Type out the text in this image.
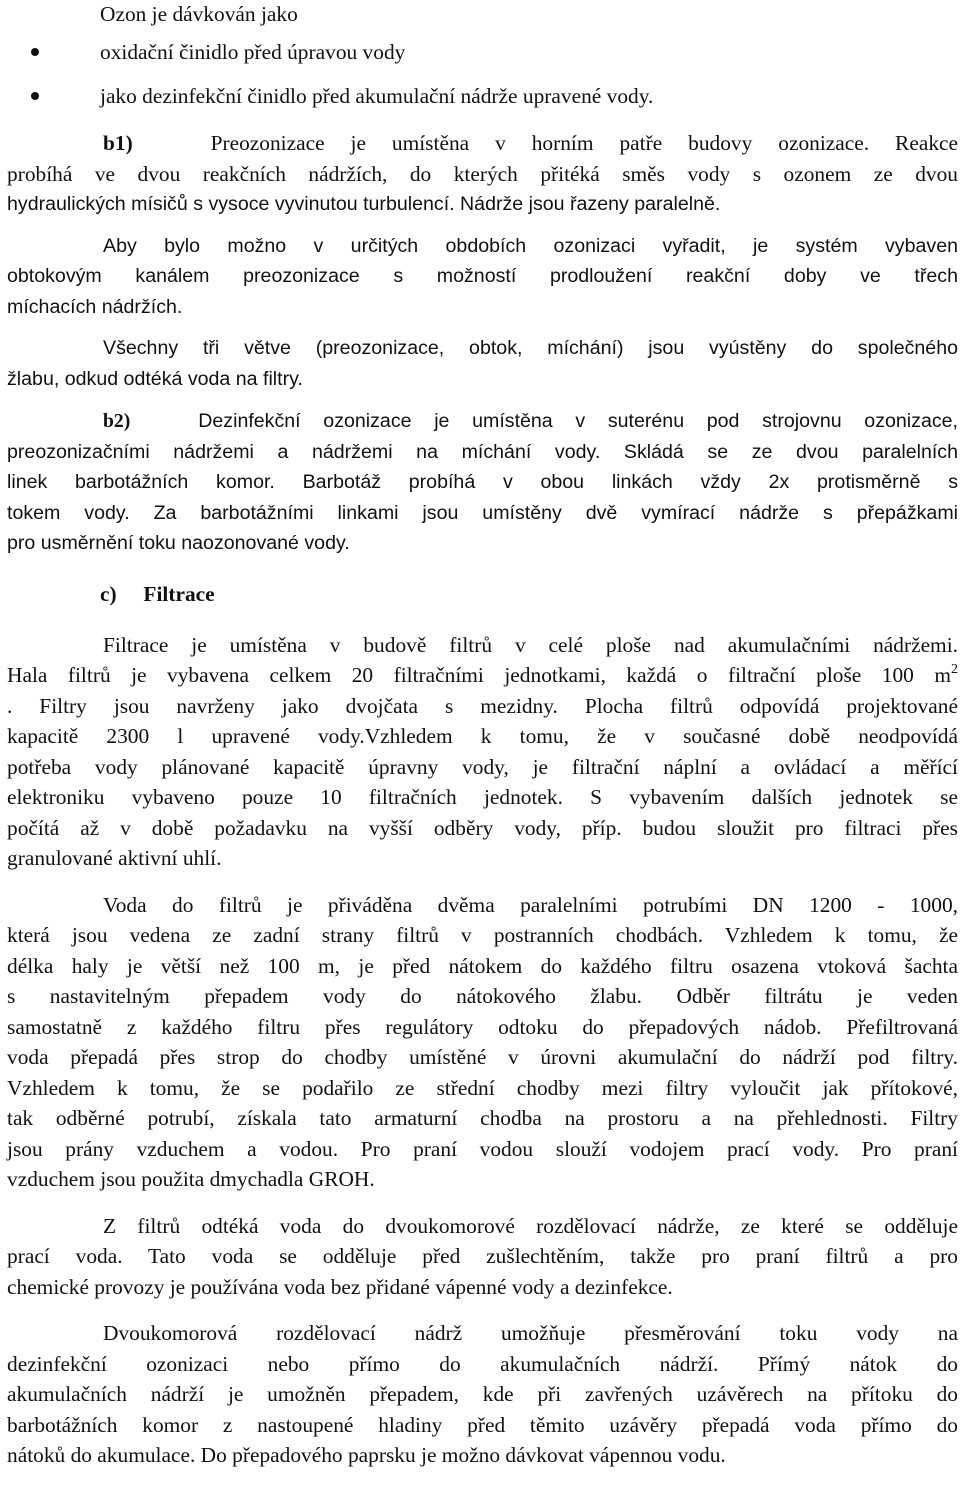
Ozon je dávkován jako
oxidační činidlo před úpravou vody
jako dezinfekční činidlo před akumulační nádrže upravené vody.
b1)	Preozonizace je umístěna v horním patře budovy ozonizace. Reakce
probíhá ve dvou reakčních nádržích, do kterých přitéká směs vody s ozonem ze dvou
hydraulických mísičů s vysoce vyvinutou turbulencí. Nádrže jsou řazeny paralelně.
Aby bylo možno v určitých obdobích ozonizaci vyřadit, je systém vybaven
obtokovým kanálem preozonizace s možností prodloužení reakční doby ve třech
míchacích nádržích.
Všechny tři větve (preozonizace, obtok, míchání) jsou vyústěny do společného
žlabu, odkud odtéká voda na filtry.
b2)	Dezinfekční ozonizace je umístěna v suterénu pod strojovnu ozonizace,
preozonizačními nádržemi a nádržemi na míchání vody. Skládá se ze dvou paralelních
linek barbotážních komor. Barbotáž probíhá v obou linkách vždy 2x protisměrně s
tokem vody. Za barbotážními linkami jsou umístěny dvě vymírací nádrže s přepážkami
pro usměrnění toku naozonované vody.
c) Filtrace
Filtrace je umístěna v budově filtrů v celé ploše nad akumulačními nádržemi.
Hala filtrů je vybavena celkem 20 filtračními jednotkami, každá o filtrační ploše 100 $m^2$
. Filtry jsou navrženy jako dvojčata s mezidny. Plocha filtrů odpovídá projektované
kapacitě 2300 l upravené vody.Vzhledem k tomu, že v současné době neodpovídá
potřeba vody plánované kapacitě úpravny vody, je filtrační náplní a ovládací a měřící
elektroniku vybaveno pouze 10 filtračních jednotek. S vybavením dalších jednotek se
počítá až v době požadavku na vyšší odběry vody, příp. budou sloužit pro filtraci přes
granulované aktivní uhlí.
Voda do filtrů je přiváděna dvěma paralelními potrubími DN 1200 - 1000,
která jsou vedena ze zadní strany filtrů v postranních chodbách. Vzhledem k tomu, že
délka haly je větší než 100 m, je před nátokem do každého filtru osazena vtoková šachta
s nastavitelným přepadem vody do nátokového žlabu. Odběr filtrátu je veden
samostatně z každého filtru přes regulátory odtoku do přepadových nádob. Přefiltrovaná
voda přepadá přes strop do chodby umístěné v úrovni akumulační do nádrží pod filtry.
Vzhledem k tomu, že se podařilo ze střední chodby mezi filtry vyloučit jak přítokové,
tak odběrné potrubí, získala tato armaturní chodba na prostoru a na přehlednosti. Filtry
jsou prány vzduchem a vodou. Pro praní vodou slouží vodojem prací vody. Pro praní
vzduchem jsou použita dmychadla GROH.
Z filtrů odtéká voda do dvoukomorové rozdělovací nádrže, ze které se odděluje
prací voda. Tato voda se odděluje před zušlechtěním, takže pro praní filtrů a pro
chemické provozy je používána voda bez přidané vápenné vody a dezinfekce.
Dvoukomorová rozdělovací nádrž umožňuje přesměrování toku vody na
dezinfekční ozonizaci nebo přímo do akumulačních nádrží. Přímý nátok do
akumulačních nádrží je umožněn přepadem, kde při zavřených uzávěrech na přítoku do
barbotážních komor z nastoupené hladiny před těmito uzávěry přepadá voda přímo do
nátoků do akumulace. Do přepadového paprsku je možno dávkovat vápennou vodu.
